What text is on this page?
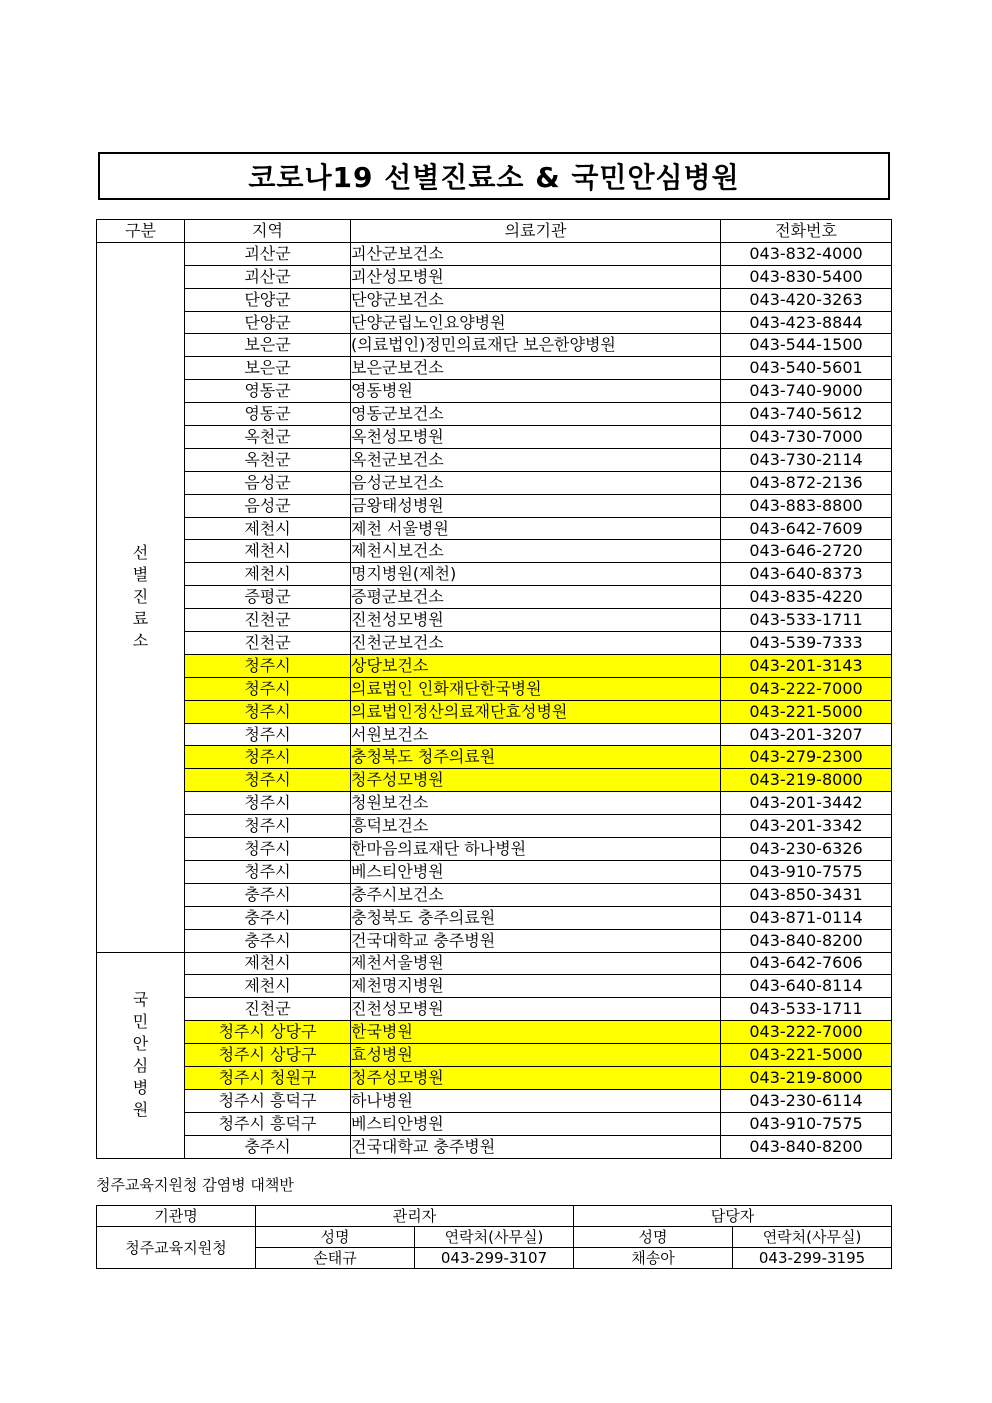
코로나19 선별진료소 & 국민안심병원
구분	지역	의료기관	전화번호
선별진료소	괴산군	괴산군보건소	043-832-4000
	괴산군	괴산성모병원	043-830-5400
	단양군	단양군보건소	043-420-3263
	단양군	단양군립노인요양병원	043-423-8844
	보은군	(의료법인)정민의료재단 보은한양병원	043-544-1500
	보은군	보은군보건소	043-540-5601
	영동군	영동병원	043-740-9000
	영동군	영동군보건소	043-740-5612
	옥천군	옥천성모병원	043-730-7000
	옥천군	옥천군보건소	043-730-2114
	음성군	음성군보건소	043-872-2136
	음성군	금왕태성병원	043-883-8800
	제천시	제천 서울병원	043-642-7609
	제천시	제천시보건소	043-646-2720
	제천시	명지병원(제천)	043-640-8373
	증평군	증평군보건소	043-835-4220
	진천군	진천성모병원	043-533-1711
	진천군	진천군보건소	043-539-7333
	청주시	상당보건소	043-201-3143
	청주시	의료법인 인화재단한국병원	043-222-7000
	청주시	의료법인정산의료재단효성병원	043-221-5000
	청주시	서원보건소	043-201-3207
	청주시	충청북도 청주의료원	043-279-2300
	청주시	청주성모병원	043-219-8000
	청주시	청원보건소	043-201-3442
	청주시	흥덕보건소	043-201-3342
	청주시	한마음의료재단 하나병원	043-230-6326
	청주시	베스티안병원	043-910-7575
	충주시	충주시보건소	043-850-3431
	충주시	충청북도 충주의료원	043-871-0114
	충주시	건국대학교 충주병원	043-840-8200
국민안심병원	제천시	제천서울병원	043-642-7606
	제천시	제천명지병원	043-640-8114
	진천군	진천성모병원	043-533-1711
	청주시 상당구	한국병원	043-222-7000
	청주시 상당구	효성병원	043-221-5000
	청주시 청원구	청주성모병원	043-219-8000
	청주시 흥덕구	하나병원	043-230-6114
	청주시 흥덕구	베스티안병원	043-910-7575
	충주시	건국대학교 충주병원	043-840-8200
청주교육지원청 감염병 대책반
기관명	관리자		담당자	
청주교육지원청	성명	연락처(사무실)	성명	연락처(사무실)
	손태규	043-299-3107	채송아	043-299-3195
